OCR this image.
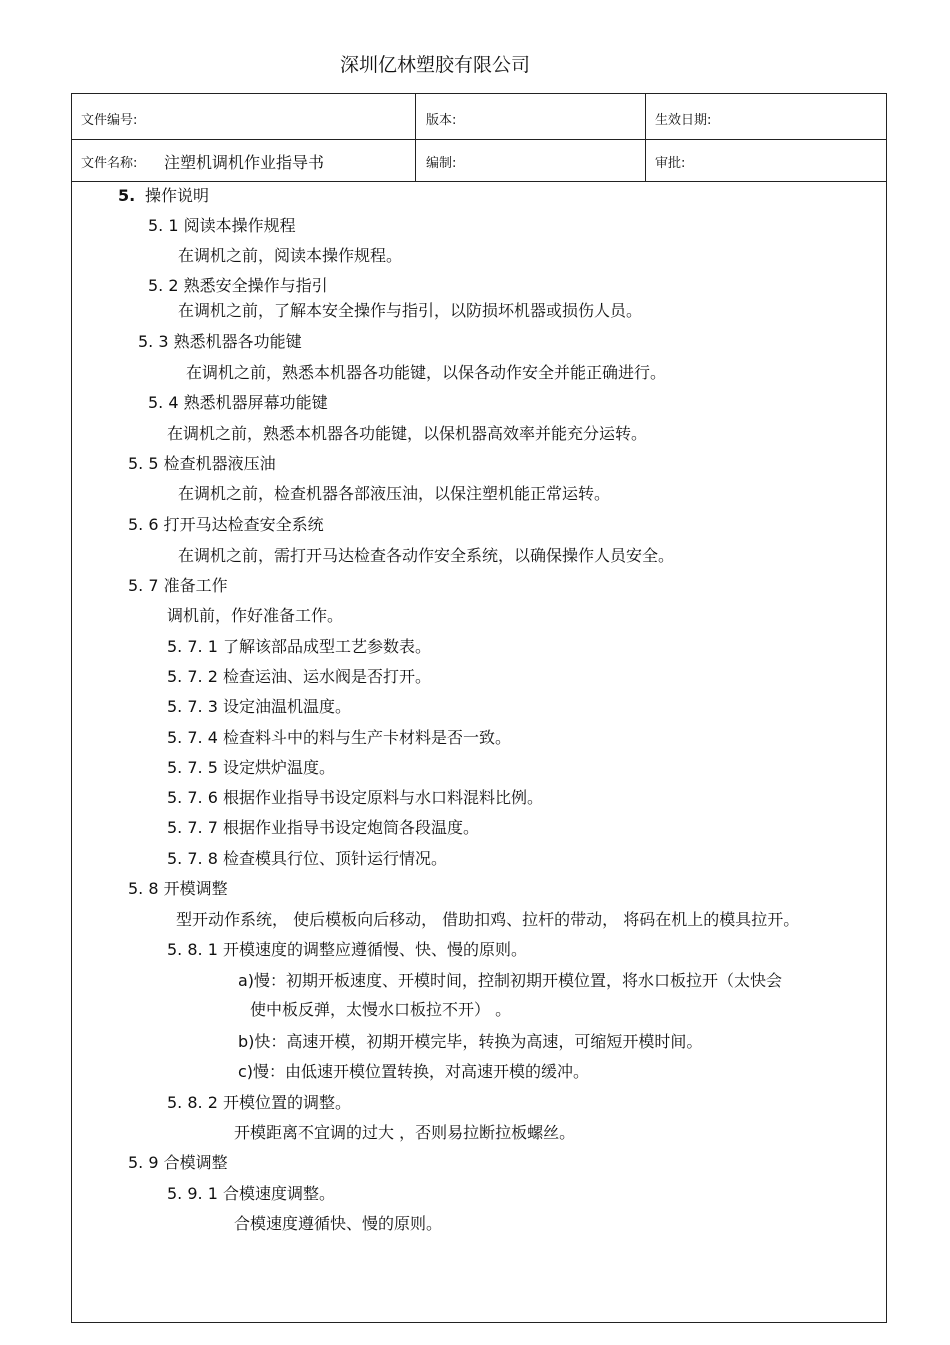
深圳亿林塑胶有限公司
文件编号:	版本:	生效日期:
文件名称: 注塑机调机作业指导书	编制:	审批:
5. 操作说明
5. 1 阅读本操作规程
在调机之前，阅读本操作规程。
5. 2 熟悉安全操作与指引
在调机之前，了解本安全操作与指引，以防损坏机器或损伤人员。
5. 3 熟悉机器各功能键
在调机之前，熟悉本机器各功能键，以保各动作安全并能正确进行。
5. 4 熟悉机器屏幕功能键
在调机之前，熟悉本机器各功能键，以保机器高效率并能充分运转。
5. 5 检查机器液压油
在调机之前，检查机器各部液压油，以保注塑机能正常运转。
5. 6 打开马达检查安全系统
在调机之前，需打开马达检查各动作安全系统，以确保操作人员安全。
5. 7 准备工作
调机前，作好准备工作。
5. 7. 1 了解该部品成型工艺参数表。
5. 7. 2 检查运油、运水阀是否打开。
5. 7. 3 设定油温机温度。
5. 7. 4 检查料斗中的料与生产卡材料是否一致。
5. 7. 5 设定烘炉温度。
5. 7. 6 根据作业指导书设定原料与水口料混料比例。
5. 7. 7 根据作业指导书设定炮筒各段温度。
5. 7. 8 检查模具行位、顶针运行情况。
5. 8 开模调整
型开动作系统， 使后模板向后移动， 借助扣鸡、拉杆的带动， 将码在机上的模具拉开。
5. 8. 1 开模速度的调整应遵循慢、快、慢的原则。
a)慢：初期开板速度、开模时间，控制初期开模位置，将水口板拉开（太快会
使中板反弹，太慢水口板拉不开） 。
b)快：高速开模，初期开模完毕，转换为高速，可缩短开模时间。
c)慢：由低速开模位置转换，对高速开模的缓冲。
5. 8. 2 开模位置的调整。
开模距离不宜调的过大 ，否则易拉断拉板螺丝。
5. 9 合模调整
5. 9. 1 合模速度调整。
合模速度遵循快、慢的原则。
